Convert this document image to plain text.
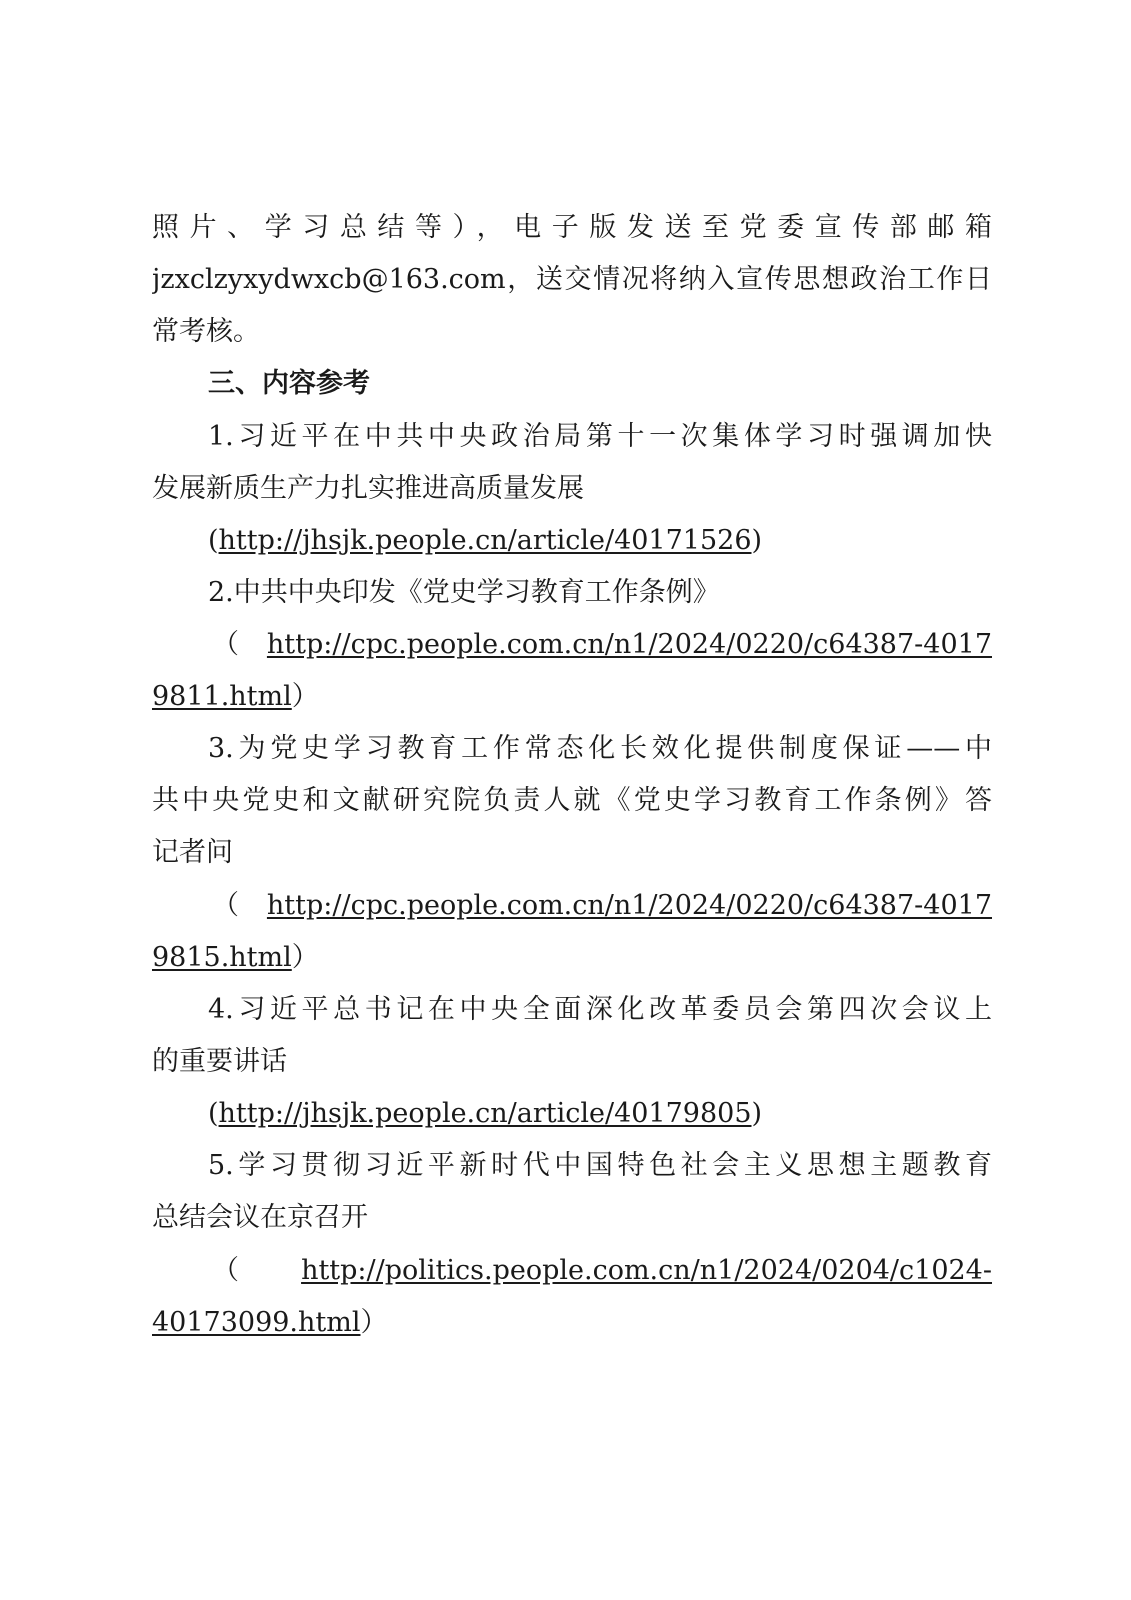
照片、学习总结等），电子版发送至党委宣传部邮箱
jzxclzyxydwxcb@163.com，送交情况将纳入宣传思想政治工作日
常考核。
三、内容参考
1.习近平在中共中央政治局第十一次集体学习时强调加快
发展新质生产力扎实推进高质量发展
(http://jhsjk.people.cn/article/40171526)
2.中共中央印发《党史学习教育工作条例》
（http://cpc.people.com.cn/n1/2024/0220/c64387-4017
9811.html）
3.为党史学习教育工作常态化长效化提供制度保证——中
共中央党史和文献研究院负责人就《党史学习教育工作条例》答
记者问
（http://cpc.people.com.cn/n1/2024/0220/c64387-4017
9815.html）
4.习近平总书记在中央全面深化改革委员会第四次会议上
的重要讲话
(http://jhsjk.people.cn/article/40179805)
5.学习贯彻习近平新时代中国特色社会主义思想主题教育
总结会议在京召开
（http://politics.people.com.cn/n1/2024/0204/c1024-
40173099.html）
